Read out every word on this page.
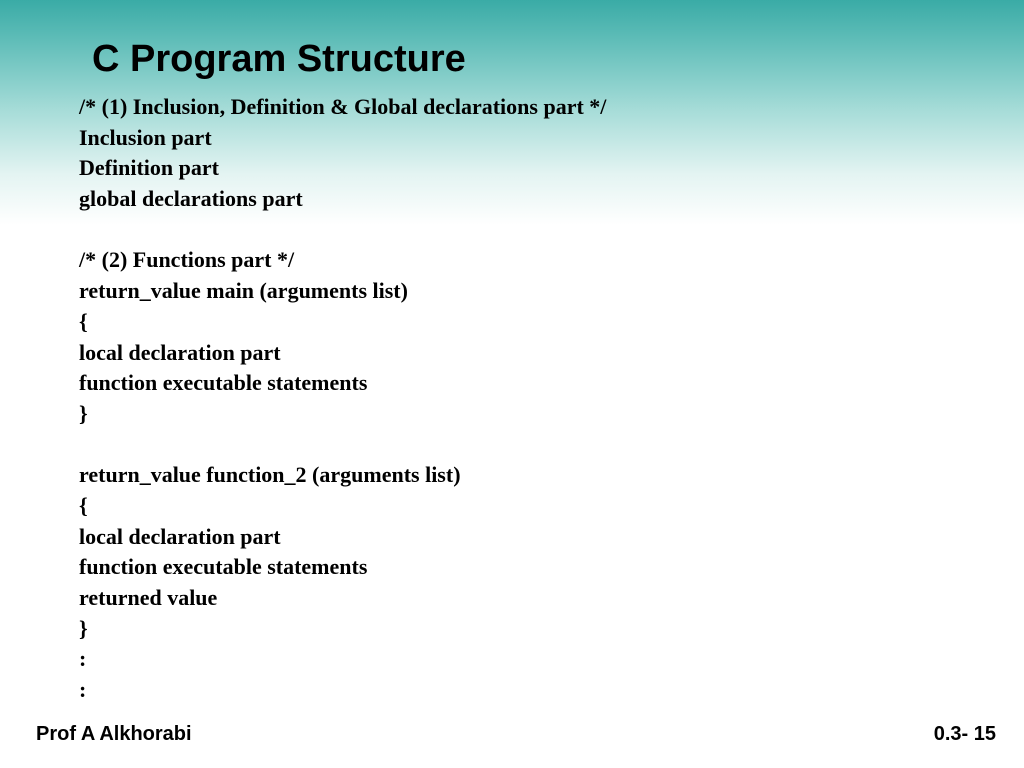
C Program Structure
/* (1) Inclusion, Definition & Global declarations part */
Inclusion part
Definition part
global declarations part
/* (2) Functions part */
return_value main (arguments list)
{
local declaration part
function executable statements
}
return_value function_2 (arguments list)
{
local declaration part
function executable statements
returned value
}
:
:
Prof A Alkhorabi	0.3- 15
